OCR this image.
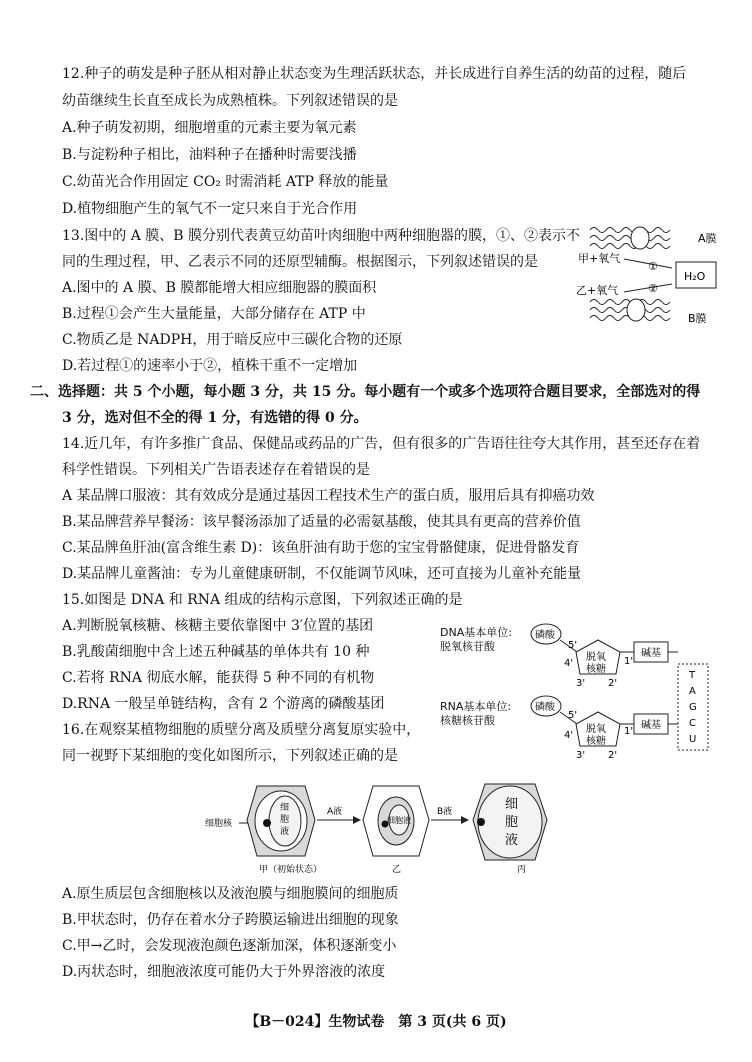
12.种子的萌发是种子胚从相对静止状态变为生理活跃状态，并长成进行自养生活的幼苗的过程，随后
幼苗继续生长直至成长为成熟植株。下列叙述错误的是
A.种子萌发初期，细胞增重的元素主要为氧元素
B.与淀粉种子相比，油料种子在播种时需要浅播
C.幼苗光合作用固定 CO₂ 时需消耗 ATP 释放的能量
D.植物细胞产生的氧气不一定只来自于光合作用
13.图中的 A 膜、B 膜分别代表黄豆幼苗叶肉细胞中两种细胞器的膜，①、②表示不
同的生理过程，甲、乙表示不同的还原型辅酶。根据图示，下列叙述错误的是
A.图中的 A 膜、B 膜都能增大相应细胞器的膜面积
B.过程①会产生大量能量，大部分储存在 ATP 中
C.物质乙是 NADPH，用于暗反应中三碳化合物的还原
D.若过程①的速率小于②，植株干重不一定增加
A膜
甲+氧气
①
H₂O
乙+氧气	②
B膜
二、选择题：共 5 个小题，每小题 3 分，共 15 分。每小题有一个或多个选项符合题目要求，全部选对的得
3 分，选对但不全的得 1 分，有选错的得 0 分。
14.近几年，有许多推广食品、保健品或药品的广告，但有很多的广告语往往夸大其作用，甚至还存在着
科学性错误。下列相关广告语表述存在着错误的是
A 某品牌口服液：其有效成分是通过基因工程技术生产的蛋白质，服用后具有抑癌功效
B.某品牌营养早餐汤：该早餐汤添加了适量的必需氨基酸，使其具有更高的营养价值
C.某品牌鱼肝油(富含维生素 D)：该鱼肝油有助于您的宝宝骨骼健康，促进骨骼发育
D.某品牌儿童酱油：专为儿童健康研制，不仅能调节风味，还可直接为儿童补充能量
15.如图是 DNA 和 RNA 组成的结构示意图，下列叙述正确的是
A.判断脱氧核糖、核糖主要依靠图中 3′位置的基团
B.乳酸菌细胞中含上述五种碱基的单体共有 10 种
C.若将 RNA 彻底水解，能获得 5 种不同的有机物
D.RNA 一般呈单链结构，含有 2 个游离的磷酸基团
DNA基本单位:
脱氧核苷酸
RNA基本单位:
核糖核苷酸
磷酸
脱氧
核糖
5'
4'
3' 2'
1'
碱基
磷酸
脱氧
核糖
5'
4'
3' 2'
1'
碱基
T
A
G
C
U
16.在观察某植物细胞的质壁分离及质壁分离复原实验中，
同一视野下某细胞的变化如图所示，下列叙述正确的是
细胞核
细
胞
液
甲（初始状态）
A液
细胞液
乙
B液	细
胞
液
丙
A.原生质层包含细胞核以及液泡膜与细胞膜间的细胞质
B.甲状态时，仍存在着水分子跨膜运输进出细胞的现象
C.甲→乙时，会发现液泡颜色逐渐加深，体积逐渐变小
D.丙状态时，细胞液浓度可能仍大于外界溶液的浓度
【B－024】生物试卷　第 3 页(共 6 页)
